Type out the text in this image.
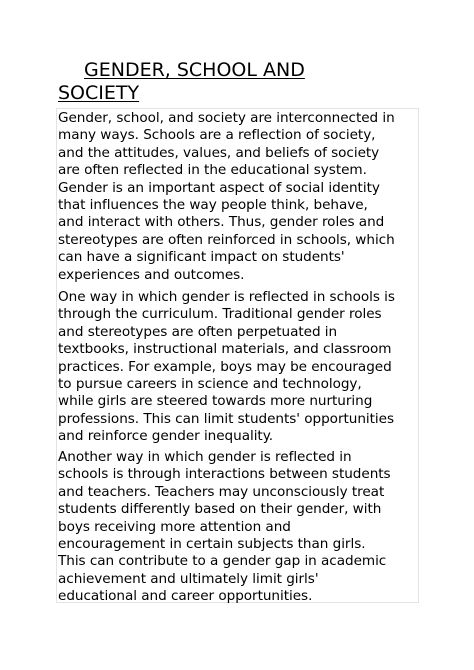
GENDER, SCHOOL AND
SOCIETY

Gender, school, and society are interconnected in
many ways. Schools are a reflection of society,
and the attitudes, values, and beliefs of society
are often reflected in the educational system.
Gender is an important aspect of social identity
that influences the way people think, behave,
and interact with others. Thus, gender roles and
stereotypes are often reinforced in schools, which
can have a significant impact on students'
experiences and outcomes.

One way in which gender is reflected in schools is
through the curriculum. Traditional gender roles
and stereotypes are often perpetuated in
textbooks, instructional materials, and classroom
practices. For example, boys may be encouraged
to pursue careers in science and technology,
while girls are steered towards more nurturing
professions. This can limit students' opportunities
and reinforce gender inequality.

Another way in which gender is reflected in
schools is through interactions between students
and teachers. Teachers may unconsciously treat
students differently based on their gender, with
boys receiving more attention and
encouragement in certain subjects than girls.
This can contribute to a gender gap in academic
achievement and ultimately limit girls'
educational and career opportunities.
